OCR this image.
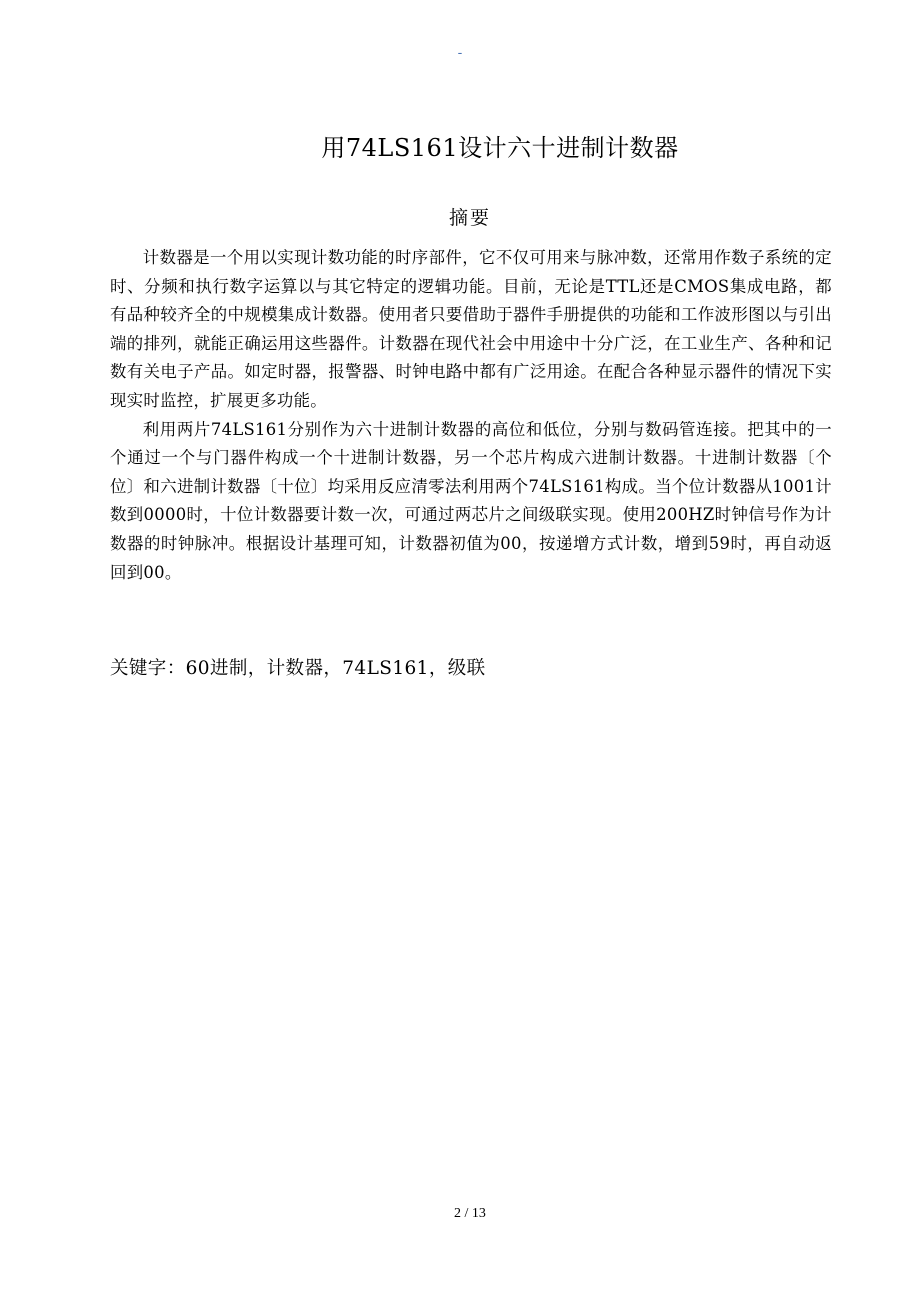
-
用74LS161设计六十进制计数器
摘要

计数器是一个用以实现计数功能的时序部件，它不仅可用来与脉冲数，还常用作数子系统的定时、分频和执行数字运算以与其它特定的逻辑功能。目前，无论是TTL还是CMOS集成电路，都有品种较齐全的中规模集成计数器。使用者只要借助于器件手册提供的功能和工作波形图以与引出端的排列，就能正确运用这些器件。计数器在现代社会中用途中十分广泛，在工业生产、各种和记数有关电子产品。如定时器，报警器、时钟电路中都有广泛用途。在配合各种显示器件的情况下实现实时监控，扩展更多功能。

利用两片74LS161分别作为六十进制计数器的高位和低位，分别与数码管连接。把其中的一个通过一个与门器件构成一个十进制计数器，另一个芯片构成六进制计数器。十进制计数器〔个位〕和六进制计数器〔十位〕均采用反应清零法利用两个74LS161构成。当个位计数器从1001计数到0000时，十位计数器要计数一次，可通过两芯片之间级联实现。使用200HZ时钟信号作为计数器的时钟脉冲。根据设计基理可知，计数器初值为00，按递增方式计数，增到59时，再自动返回到00。

关键字：60进制，计数器，74LS161，级联
2 / 13
